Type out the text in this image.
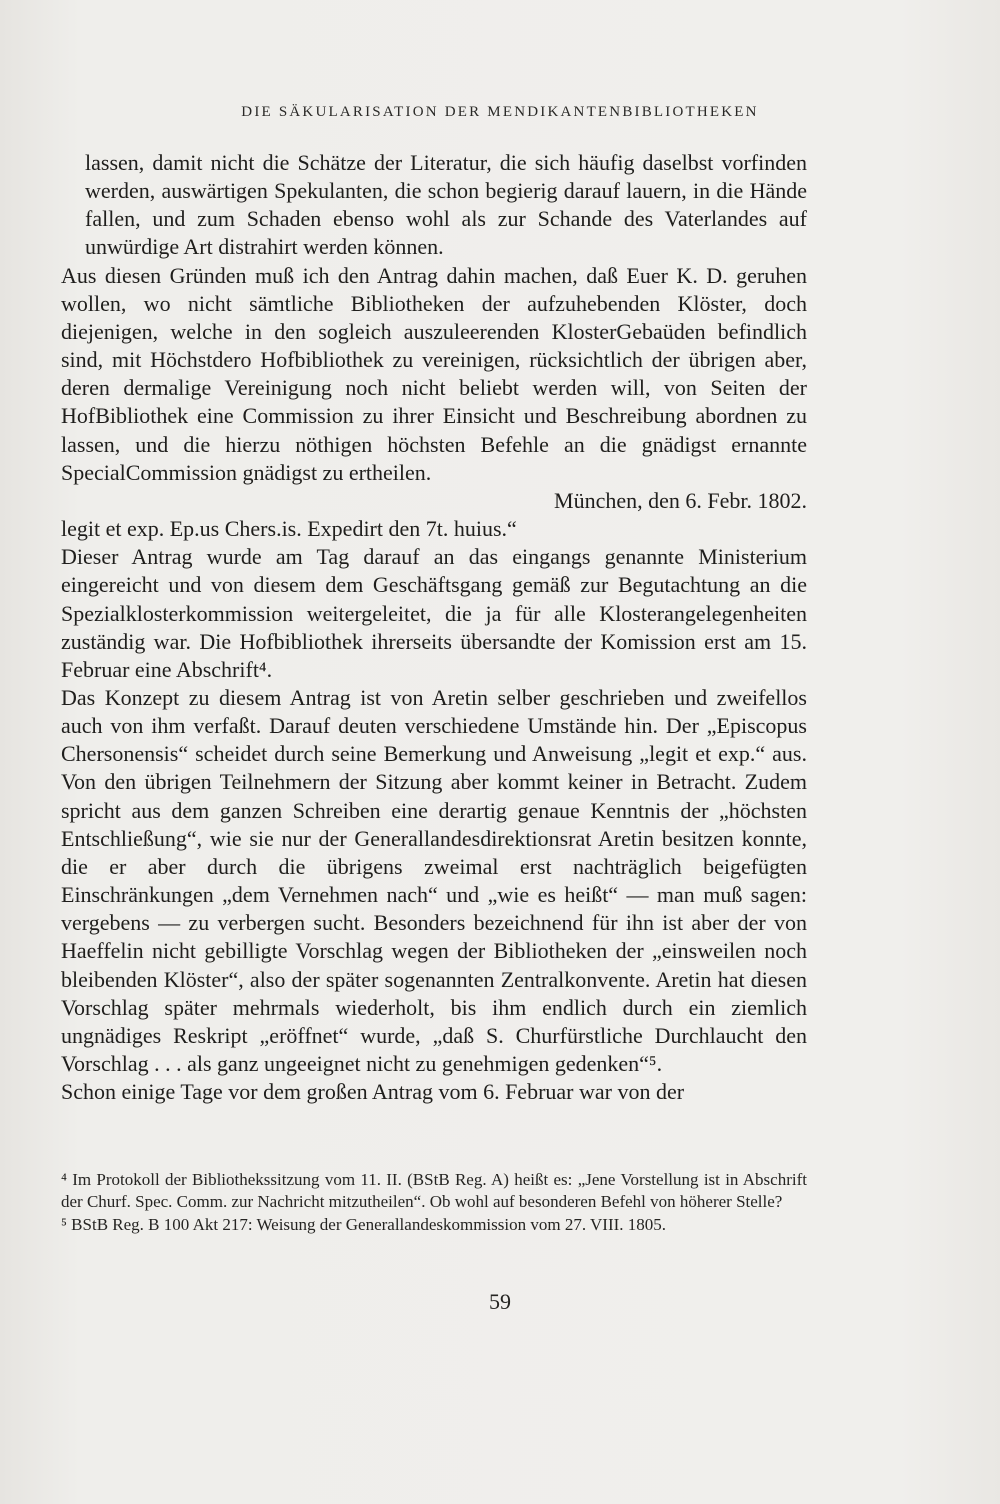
DIE SÄKULARISATION DER MENDIKANTENBIBLIOTHEKEN

lassen, damit nicht die Schätze der Literatur, die sich häufig daselbst vorfinden werden, auswärtigen Spekulanten, die schon begierig darauf lauern, in die Hände fallen, und zum Schaden ebenso wohl als zur Schande des Vaterlandes auf unwürdige Art distrahirt werden können.

Aus diesen Gründen muß ich den Antrag dahin machen, daß Euer K. D. geruhen wollen, wo nicht sämtliche Bibliotheken der aufzuhebenden Klöster, doch diejenigen, welche in den sogleich auszuleerenden KlosterGebaüden befindlich sind, mit Höchstdero Hofbibliothek zu vereinigen, rücksichtlich der übrigen aber, deren dermalige Vereinigung noch nicht beliebt werden will, von Seiten der HofBibliothek eine Commission zu ihrer Einsicht und Beschreibung abordnen zu lassen, und die hierzu nöthigen höchsten Befehle an die gnädigst ernannte SpecialCommission gnädigst zu ertheilen.

München, den 6. Febr. 1802.

legit et exp. Ep.us Chers.is. Expedirt den 7t. huius.“

Dieser Antrag wurde am Tag darauf an das eingangs genannte Ministerium eingereicht und von diesem dem Geschäftsgang gemäß zur Begutachtung an die Spezialklosterkommission weitergeleitet, die ja für alle Klosterangelegenheiten zuständig war. Die Hofbibliothek ihrerseits übersandte der Komission erst am 15. Februar eine Abschrift⁴.

Das Konzept zu diesem Antrag ist von Aretin selber geschrieben und zweifellos auch von ihm verfaßt. Darauf deuten verschiedene Umstände hin. Der „Episcopus Chersonensis“ scheidet durch seine Bemerkung und Anweisung „legit et exp.“ aus. Von den übrigen Teilnehmern der Sitzung aber kommt keiner in Betracht. Zudem spricht aus dem ganzen Schreiben eine derartig genaue Kenntnis der „höchsten Entschließung“, wie sie nur der Generallandesdirektionsrat Aretin besitzen konnte, die er aber durch die übrigens zweimal erst nachträglich beigefügten Einschränkungen „dem Vernehmen nach“ und „wie es heißt“ — man muß sagen: vergebens — zu verbergen sucht. Besonders bezeichnend für ihn ist aber der von Haeffelin nicht gebilligte Vorschlag wegen der Bibliotheken der „einsweilen noch bleibenden Klöster“, also der später sogenannten Zentralkonvente. Aretin hat diesen Vorschlag später mehrmals wiederholt, bis ihm endlich durch ein ziemlich ungnädiges Reskript „eröffnet“ wurde, „daß S. Churfürstliche Durchlaucht den Vorschlag . . . als ganz ungeeignet nicht zu genehmigen gedenken“⁵.

Schon einige Tage vor dem großen Antrag vom 6. Februar war von der

⁴ Im Protokoll der Bibliothekssitzung vom 11. II. (BStB Reg. A) heißt es: „Jene Vorstellung ist in Abschrift der Churf. Spec. Comm. zur Nachricht mitzutheilen“. Ob wohl auf besonderen Befehl von höherer Stelle?

⁵ BStB Reg. B 100 Akt 217: Weisung der Generallandeskommission vom 27. VIII. 1805.

59
